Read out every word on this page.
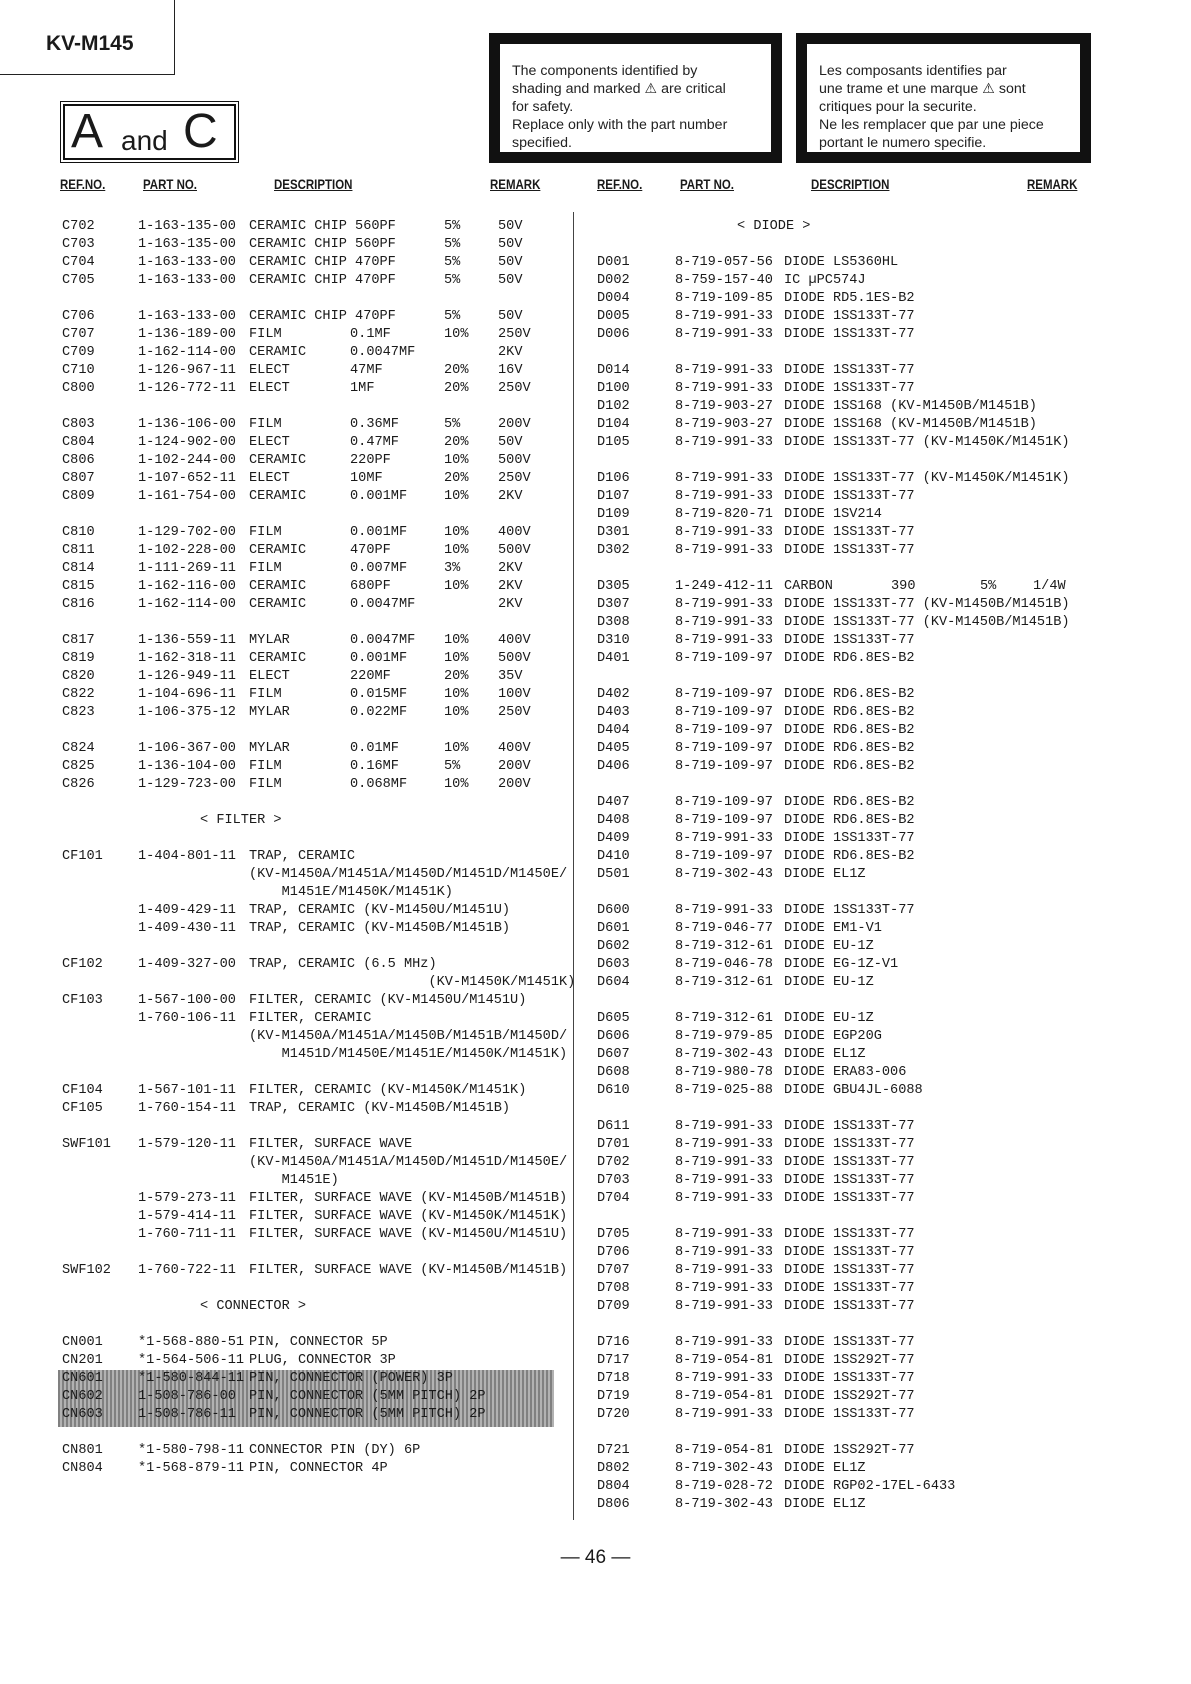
KV-M145
A and C

The components identified by

shading and marked ⚠ are critical

for safety.

Replace only with the part number

specified.

Les composants identifies par

une trame et une marque ⚠ sont

critiques pour la securite.

Ne les remplacer que par une piece

portant le numero specifie.

REF.NO.	PART NO.	DESCRIPTION	REMARK	REF.NO.	PART NO.	DESCRIPTION	REMARK
C702	1-163-135-00 CERAMIC CHIP 560PF	5%	50V
C703	1-163-135-00 CERAMIC CHIP 560PF	5%	50V
C704	1-163-133-00 CERAMIC CHIP 470PF	5%	50V
C705	1-163-133-00 CERAMIC CHIP 470PF	5%	50V
C706	1-163-133-00 CERAMIC CHIP 470PF	5%	50V
C707	1-136-189-00 FILM	0.1MF	10% 250V
C709	1-162-114-00 CERAMIC	0.0047MF	2KV
C710	1-126-967-11 ELECT	47MF	20% 16V
C800	1-126-772-11 ELECT	1MF	20% 250V
C803	1-136-106-00 FILM	0.36MF	5%	200V
C804	1-124-902-00 ELECT	0.47MF	20% 50V
C806	1-102-244-00 CERAMIC	220PF	10% 500V
C807	1-107-652-11 ELECT	10MF	20% 250V
C809	1-161-754-00 CERAMIC	0.001MF	10% 2KV
C810	1-129-702-00 FILM	0.001MF	10% 400V
C811	1-102-228-00 CERAMIC	470PF	10% 500V
C814	1-111-269-11 FILM	0.007MF	3%	2KV
C815	1-162-116-00 CERAMIC	680PF	10% 2KV
C816	1-162-114-00 CERAMIC	0.0047MF	2KV
C817	1-136-559-11 MYLAR	0.0047MF 10% 400V
C819	1-162-318-11 CERAMIC	0.001MF	10% 500V
C820	1-126-949-11 ELECT	220MF	20% 35V
C822	1-104-696-11 FILM	0.015MF	10% 100V
C823	1-106-375-12 MYLAR	0.022MF	10% 250V
C824	1-106-367-00 MYLAR	0.01MF	10% 400V
C825	1-136-104-00 FILM	0.16MF	5%	200V
C826	1-129-723-00 FILM	0.068MF	10% 200V
< FILTER >
CF101	1-404-801-11 TRAP, CERAMIC
(KV-M1450A/M1451A/M1450D/M1451D/M1450E/
M1451E/M1450K/M1451K)
1-409-429-11 TRAP, CERAMIC (KV-M1450U/M1451U)
1-409-430-11 TRAP, CERAMIC (KV-M1450B/M1451B)
CF102	1-409-327-00 TRAP, CERAMIC (6.5 MHz)
(KV-M1450K/M1451K)
CF103	1-567-100-00 FILTER, CERAMIC (KV-M1450U/M1451U)
1-760-106-11 FILTER, CERAMIC
(KV-M1450A/M1451A/M1450B/M1451B/M1450D/
M1451D/M1450E/M1451E/M1450K/M1451K)
CF104	1-567-101-11 FILTER, CERAMIC (KV-M1450K/M1451K)
CF105	1-760-154-11 TRAP, CERAMIC (KV-M1450B/M1451B)
SWF101 1-579-120-11 FILTER, SURFACE WAVE
(KV-M1450A/M1451A/M1450D/M1451D/M1450E/
M1451E)
1-579-273-11 FILTER, SURFACE WAVE (KV-M1450B/M1451B)
1-579-414-11 FILTER, SURFACE WAVE (KV-M1450K/M1451K)
1-760-711-11 FILTER, SURFACE WAVE (KV-M1450U/M1451U)
SWF102 1-760-722-11 FILTER, SURFACE WAVE (KV-M1450B/M1451B)
< CONNECTOR >
CN001	*1-568-880-51 PIN, CONNECTOR 5P
CN201	*1-564-506-11 PLUG, CONNECTOR 3P
CN601	*1-580-844-11 PIN, CONNECTOR (POWER) 3P
CN602	1-508-786-00 PIN, CONNECTOR (5MM PITCH) 2P
CN603	1-508-786-11 PIN, CONNECTOR (5MM PITCH) 2P
CN801	*1-580-798-11 CONNECTOR PIN (DY) 6P
CN804	*1-568-879-11 PIN, CONNECTOR 4P
< DIODE >
D001	8-719-057-56 DIODE LS5360HL
D002	8-759-157-40 IC µPC574J
D004	8-719-109-85 DIODE RD5.1ES-B2
D005	8-719-991-33 DIODE 1SS133T-77
D006	8-719-991-33 DIODE 1SS133T-77
D014	8-719-991-33 DIODE 1SS133T-77
D100	8-719-991-33 DIODE 1SS133T-77
D102	8-719-903-27 DIODE 1SS168 (KV-M1450B/M1451B)
D104	8-719-903-27 DIODE 1SS168 (KV-M1450B/M1451B)
D105	8-719-991-33 DIODE 1SS133T-77 (KV-M1450K/M1451K)
D106	8-719-991-33 DIODE 1SS133T-77 (KV-M1450K/M1451K)
D107	8-719-991-33 DIODE 1SS133T-77
D109	8-719-820-71 DIODE 1SV214
D301	8-719-991-33 DIODE 1SS133T-77
D302	8-719-991-33 DIODE 1SS133T-77
D305	1-249-412-11 CARBON	390	5%	1/4W
D307	8-719-991-33 DIODE 1SS133T-77 (KV-M1450B/M1451B)
D308	8-719-991-33 DIODE 1SS133T-77 (KV-M1450B/M1451B)
D310	8-719-991-33 DIODE 1SS133T-77
D401	8-719-109-97 DIODE RD6.8ES-B2
D402	8-719-109-97 DIODE RD6.8ES-B2
D403	8-719-109-97 DIODE RD6.8ES-B2
D404	8-719-109-97 DIODE RD6.8ES-B2
D405	8-719-109-97 DIODE RD6.8ES-B2
D406	8-719-109-97 DIODE RD6.8ES-B2
D407	8-719-109-97 DIODE RD6.8ES-B2
D408	8-719-109-97 DIODE RD6.8ES-B2
D409	8-719-991-33 DIODE 1SS133T-77
D410	8-719-109-97 DIODE RD6.8ES-B2
D501	8-719-302-43 DIODE EL1Z
D600	8-719-991-33 DIODE 1SS133T-77
D601	8-719-046-77 DIODE EM1-V1
D602	8-719-312-61 DIODE EU-1Z
D603	8-719-046-78 DIODE EG-1Z-V1
D604	8-719-312-61 DIODE EU-1Z
D605	8-719-312-61 DIODE EU-1Z
D606	8-719-979-85 DIODE EGP20G
D607	8-719-302-43 DIODE EL1Z
D608	8-719-980-78 DIODE ERA83-006
D610	8-719-025-88 DIODE GBU4JL-6088
D611	8-719-991-33 DIODE 1SS133T-77
D701	8-719-991-33 DIODE 1SS133T-77
D702	8-719-991-33 DIODE 1SS133T-77
D703	8-719-991-33 DIODE 1SS133T-77
D704	8-719-991-33 DIODE 1SS133T-77
D705	8-719-991-33 DIODE 1SS133T-77
D706	8-719-991-33 DIODE 1SS133T-77
D707	8-719-991-33 DIODE 1SS133T-77
D708	8-719-991-33 DIODE 1SS133T-77
D709	8-719-991-33 DIODE 1SS133T-77
D716	8-719-991-33 DIODE 1SS133T-77
D717	8-719-054-81 DIODE 1SS292T-77
D718	8-719-991-33 DIODE 1SS133T-77
D719	8-719-054-81 DIODE 1SS292T-77
D720	8-719-991-33 DIODE 1SS133T-77
D721	8-719-054-81 DIODE 1SS292T-77
D802	8-719-302-43 DIODE EL1Z
D804	8-719-028-72 DIODE RGP02-17EL-6433
D806	8-719-302-43 DIODE EL1Z
— 46 —
